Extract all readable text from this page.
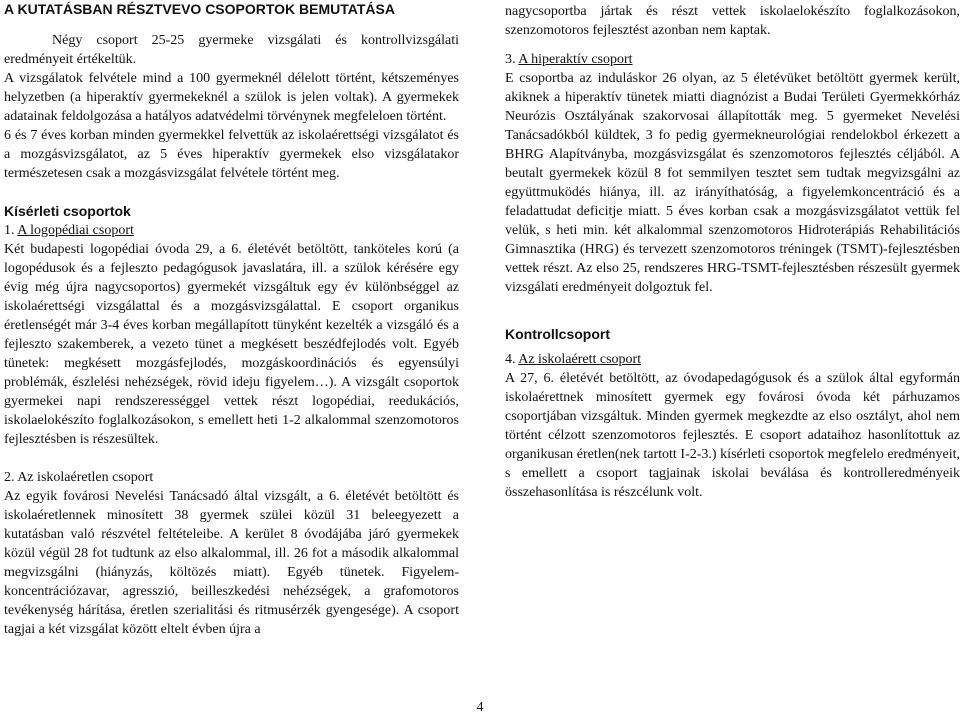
A KUTATÁSBAN RÉSZTVEVO CSOPORTOK BEMUTATÁSA

Négy csoport 25-25 gyermeke vizsgálati és kontrollvizsgálati eredményeit értékeltük.

A vizsgálatok felvétele mind a 100 gyermeknél délelott történt, kétszeményes helyzetben (a hiperaktív gyermekeknél a szülok is jelen voltak). A gyermekek adatainak feldolgozása a hatályos adatvédelmi törvénynek megfeleloen történt.

6 és 7 éves korban minden gyermekkel felvettük az iskolaérettségi vizsgálatot és a mozgásvizsgálatot, az 5 éves hiperaktív gyermekek elso vizsgálatakor természetesen csak a mozgásvizsgálat felvétele történt meg.

Kísérleti csoportok

1. A logopédiai csoport

Két budapesti logopédiai óvoda 29, a 6. életévét betöltött, tanköteles korú (a logopédusok és a fejleszto pedagógusok javaslatára, ill. a szülok kérésére egy évig még újra nagycsoportos) gyermekét vizsgáltuk egy év különbséggel az iskolaérettségi vizsgálattal és a mozgásvizsgálattal. E csoport organikus éretlenségét már 3-4 éves korban megállapított tünyként kezelték a vizsgáló és a fejleszto szakemberek, a vezeto tünet a megkésett beszédfejlodés volt. Egyéb tünetek: megkésett mozgásfejlodés, mozgáskoordinációs és egyensúlyi problémák, észlelési nehézségek, rövid ideju figyelem…). A vizsgált csoportok gyermekei napi rendszerességgel vettek részt logopédiai, reedukációs, iskolaelokészíto foglalkozásokon, s emellett heti 1-2 alkalommal szenzomotoros fejlesztésben is részesültek.

2. Az iskolaéretlen csoport

Az egyik fovárosi Nevelési Tanácsadó által vizsgált, a 6. életévét betöltött és iskolaéretlennek minosített 38 gyermek szülei közül 31 beleegyezett a kutatásban való részvétel feltételeibe. A kerület 8 óvodájába járó gyermekek közül végül 28 fot tudtunk az elso alkalommal, ill. 26 fot a második alkalommal megvizsgálni (hiányzás, költözés miatt). Egyéb tünetek. Figyelem-koncentrációzavar, agresszió, beilleszkedési nehézségek, a grafomotoros tevékenység hárítása, éretlen szerialitási és ritmusérzék gyengesége). A csoport tagjai a két vizsgálat között eltelt évben újra a

nagycsoportba jártak és részt vettek iskolaelokészíto foglalkozásokon, szenzomotoros fejlesztést azonban nem kaptak.

3. A hiperaktív csoport

E csoportba az induláskor 26 olyan, az 5 életévüket betöltött gyermek került, akiknek a hiperaktív tünetek miatti diagnózist a Budai Területi Gyermekkórház Neurózis Osztályának szakorvosai állapították meg. 5 gyermeket Nevelési Tanácsadókból küldtek, 3 fo pedig gyermekneurológiai rendelokbol érkezett a BHRG Alapítványba, mozgásvizsgálat és szenzomotoros fejlesztés céljából. A beutalt gyermekek közül 8 fot semmilyen tesztet sem tudtak megvizsgálni az együttmuködés hiánya, ill. az irányíthatóság, a figyelemkoncentráció és a feladattudat deficitje miatt. 5 éves korban csak a mozgásvizsgálatot vettük fel velük, s heti min. két alkalommal szenzomotoros Hidroterápiás Rehabilitációs Gimnasztika (HRG) és tervezett szenzomotoros tréningek (TSMT)-fejlesztésben vettek részt. Az elso 25, rendszeres HRG-TSMT-fejlesztésben részesült gyermek vizsgálati eredményeit dolgoztuk fel.

Kontrollcsoport

4. Az iskolaérett csoport

A 27, 6. életévét betöltött, az óvodapedagógusok és a szülok által egyformán iskolaérettnek minosített gyermek egy fovárosi óvoda két párhuzamos csoportjában vizsgáltuk. Minden gyermek megkezdte az elso osztályt, ahol nem történt célzott szenzomotoros fejlesztés. E csoport adataihoz hasonlítottuk az organikusan éretlen(nek tartott I-2-3.) kísérleti csoportok megfelelo eredményeit, s emellett a csoport tagjainak iskolai beválása és kontrolleredményeik összehasonlítása is részcélunk volt.

4
